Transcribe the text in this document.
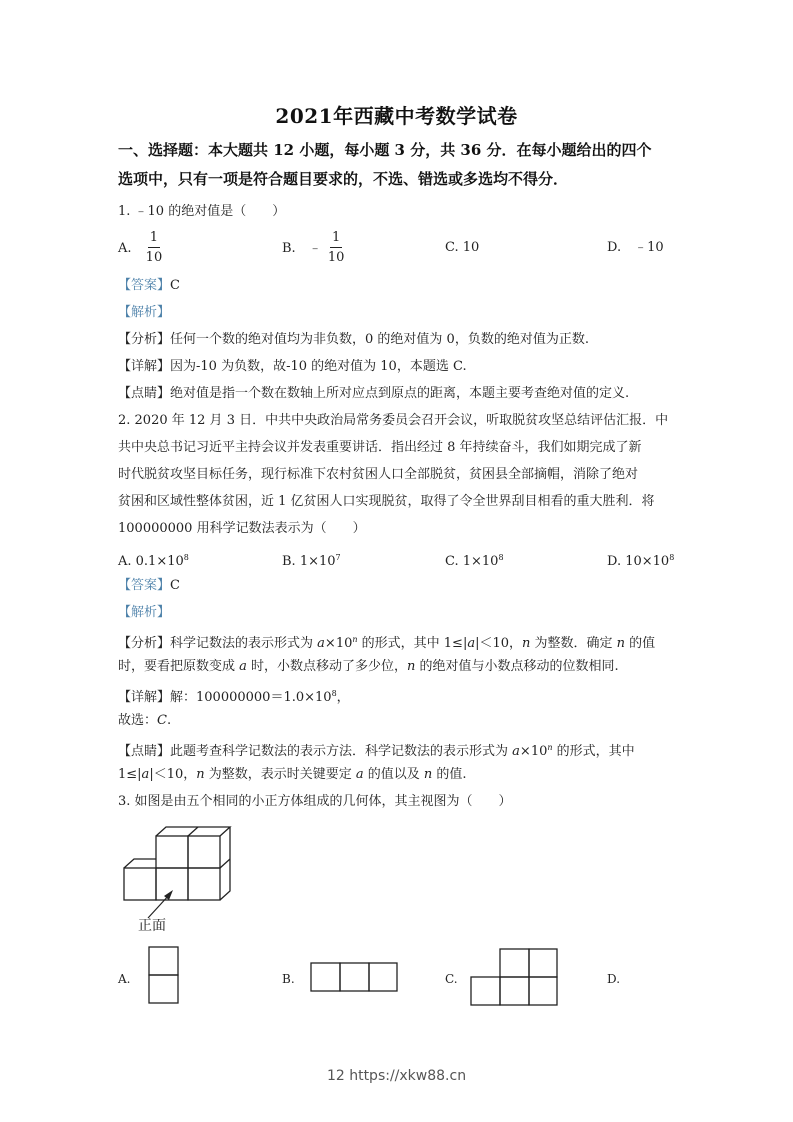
2021年西藏中考数学试卷
一、选择题：本大题共 12 小题，每小题 3 分，共 36 分．在每小题给出的四个
选项中，只有一项是符合题目要求的，不选、错选或多选均不得分．
1. ﹣10 的绝对值是（　　）
A. $\frac{1}{10}$	B.　﹣ $\frac{1}{10}$	C. 10	D.　﹣10
【答案】C
【解析】
【分析】任何一个数的绝对值均为非负数，0 的绝对值为 0，负数的绝对值为正数.
【详解】因为-10 为负数，故-10 的绝对值为 10，本题选 C.
【点睛】绝对值是指一个数在数轴上所对应点到原点的距离，本题主要考查绝对值的定义.
2. 2020 年 12 月 3 日．中共中央政治局常务委员会召开会议，听取脱贫攻坚总结评估汇报．中
共中央总书记习近平主持会议并发表重要讲话．指出经过 8 年持续奋斗，我们如期完成了新
时代脱贫攻坚目标任务，现行标准下农村贫困人口全部脱贫，贫困县全部摘帽，消除了绝对
贫困和区域性整体贫困，近 1 亿贫困人口实现脱贫，取得了令全世界刮目相看的重大胜利．将
100000000 用科学记数法表示为（　　）
A. $0.1\times 10^8$	B. $1\times 10^7$	C. $1\times 10^8$	D. $10\times 10^8$
【答案】C
【解析】
【分析】科学记数法的表示形式为 $a\times 10^n$ 的形式，其中 1≤|a|＜10，n 为整数．确定 n 的值
时，要看把原数变成 a 时，小数点移动了多少位，n 的绝对值与小数点移动的位数相同.
【详解】解：$100000000=1.0\times 10^8$，
故选：C.
【点睛】此题考查科学记数法的表示方法．科学记数法的表示形式为 $a\times 10^n$ 的形式，其中
1≤|a|＜10，n 为整数，表示时关键要定 a 的值以及 n 的值.
3. 如图是由五个相同的小正方体组成的几何体，其主视图为（　　）
正面
A.	B.	C.	D.
12 https://xkw88.cn
